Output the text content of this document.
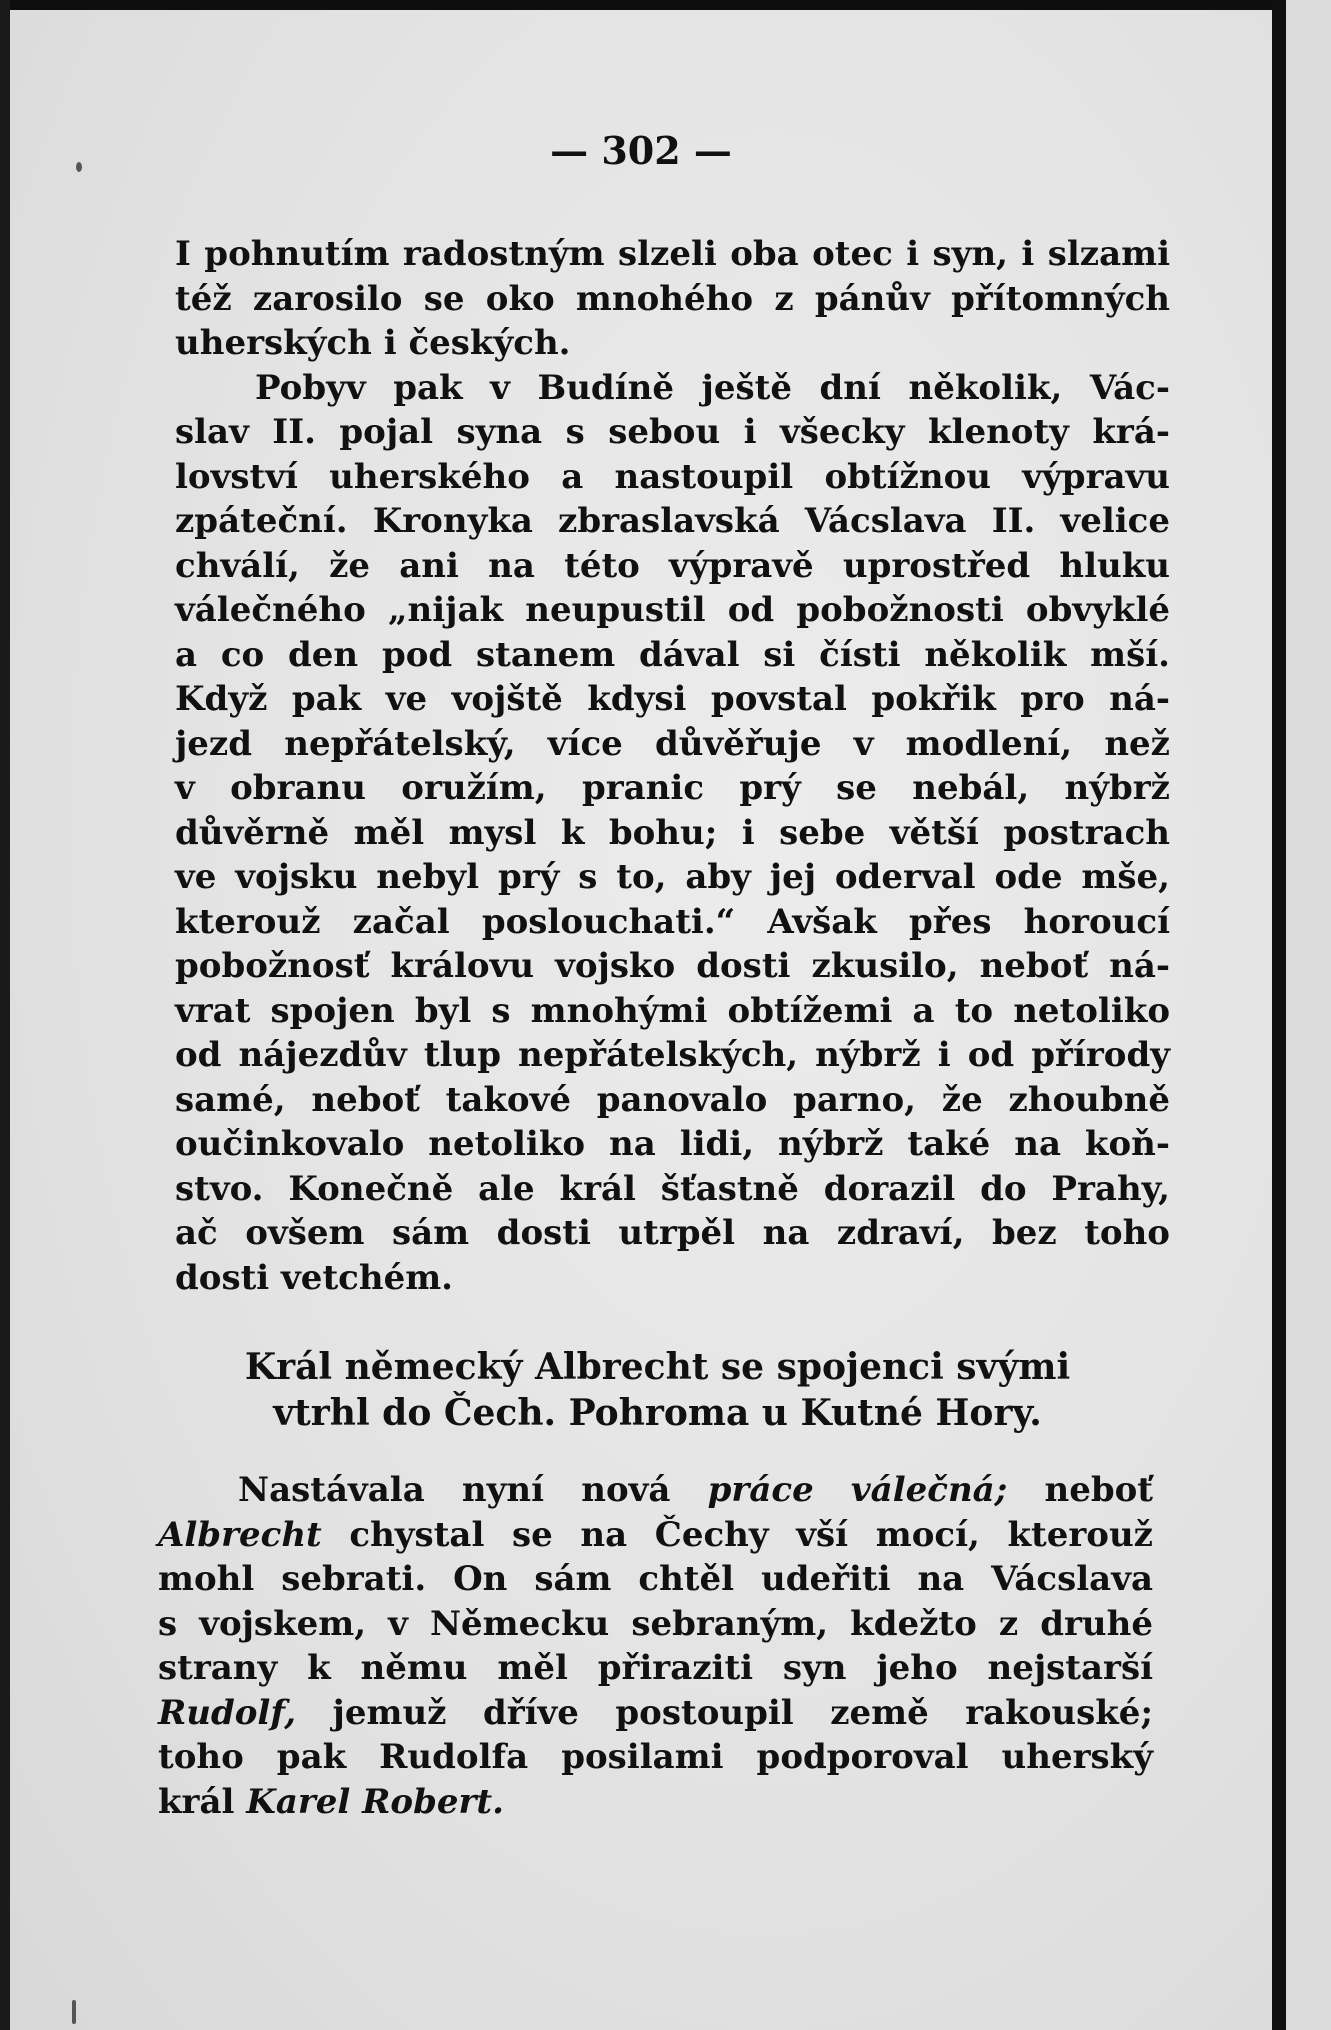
— 302 —
I pohnutím radostným slzeli oba otec i syn, i slzami
též zarosilo se oko mnohého z pánův přítomných
uherských i českých.
Pobyv pak v Budíně ještě dní několik, Vác-
slav II. pojal syna s sebou i všecky klenoty krá-
lovství uherského a nastoupil obtížnou výpravu
zpáteční. Kronyka zbraslavská Vácslava II. velice
chválí, že ani na této výpravě uprostřed hluku
válečného „nijak neupustil od pobožnosti obvyklé
a co den pod stanem dával si čísti několik mší.
Když pak ve vojště kdysi povstal pokřik pro ná-
jezd nepřátelský, více důvěřuje v modlení, než
v obranu oružím, pranic prý se nebál, nýbrž
důvěrně měl mysl k bohu; i sebe větší postrach
ve vojsku nebyl prý s to, aby jej oderval ode mše,
kterouž začal poslouchati.“ Avšak přes horoucí
pobožnosť královu vojsko dosti zkusilo, neboť ná-
vrat spojen byl s mnohými obtížemi a to netoliko
od nájezdův tlup nepřátelských, nýbrž i od přírody
samé, neboť takové panovalo parno, že zhoubně
oučinkovalo netoliko na lidi, nýbrž také na koň-
stvo. Konečně ale král šťastně dorazil do Prahy,
ač ovšem sám dosti utrpěl na zdraví, bez toho
dosti vetchém.
Král německý Albrecht se spojenci svými
vtrhl do Čech. Pohroma u Kutné Hory.
Nastávala nyní nová práce válečná; neboť
Albrecht chystal se na Čechy vší mocí, kterouž
mohl sebrati. On sám chtěl udeřiti na Vácslava
s vojskem, v Německu sebraným, kdežto z druhé
strany k němu měl přiraziti syn jeho nejstarší
Rudolf, jemuž dříve postoupil země rakouské;
toho pak Rudolfa posilami podporoval uherský
král Karel Robert.
